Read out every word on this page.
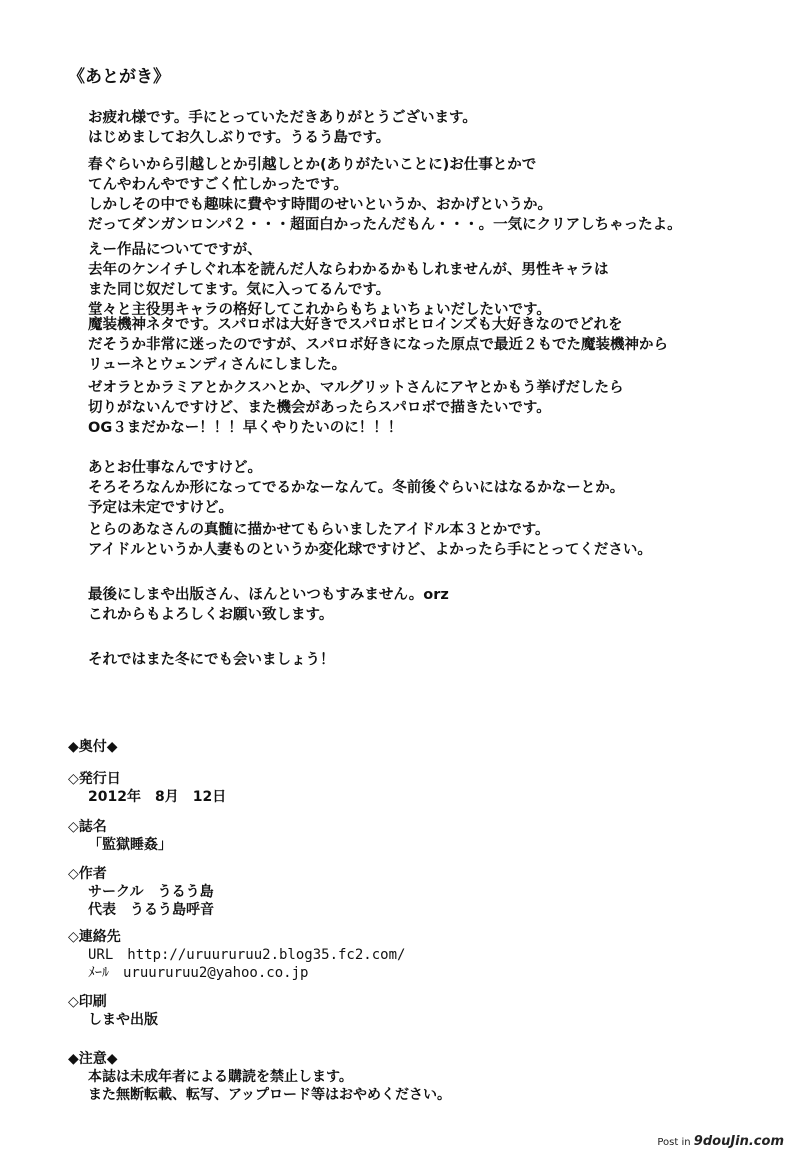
《あとがき》
お疲れ様です。手にとっていただきありがとうございます。
はじめましてお久しぶりです。うるう島です。
春ぐらいから引越しとか引越しとか(ありがたいことに)お仕事とかで
てんやわんやですごく忙しかったです。
しかしその中でも趣味に費やす時間のせいというか、おかげというか。
だってダンガンロンパ２・・・超面白かったんだもん・・・。一気にクリアしちゃったよ。
えー作品についてですが、
去年のケンイチしぐれ本を読んだ人ならわかるかもしれませんが、男性キャラは
また同じ奴だしてます。気に入ってるんです。
堂々と主役男キャラの格好してこれからもちょいちょいだしたいです。
魔装機神ネタです。スパロボは大好きでスパロボヒロインズも大好きなのでどれを
だそうか非常に迷ったのですが、スパロボ好きになった原点で最近２もでた魔装機神から
リューネとウェンディさんにしました。
ゼオラとかラミアとかクスハとか、マルグリットさんにアヤとかもう挙げだしたら
切りがないんですけど、また機会があったらスパロボで描きたいです。
OG３まだかなー！！！早くやりたいのに！！！
あとお仕事なんですけど。
そろそろなんか形になってでるかなーなんて。冬前後ぐらいにはなるかなーとか。
予定は未定ですけど。
とらのあなさんの真髄に描かせてもらいましたアイドル本３とかです。
アイドルというか人妻ものというか変化球ですけど、よかったら手にとってください。
最後にしまや出版さん、ほんといつもすみません。orz
これからもよろしくお願い致します。
それではまた冬にでも会いましょう！
◆奥付◆
◇発行日
2012年　8月　12日
◇誌名
「監獄睡姦」
◇作者
サークル　うるう島
代表　うるう島呼音
◇連絡先
URL　http://uruururuu2.blog35.fc2.com/
ﾒｰﾙ　uruururuu2@yahoo.co.jp
◇印刷
しまや出版
◆注意◆
本誌は未成年者による購読を禁止します。
また無断転載、転写、アップロード等はおやめください。
Post in 9douJin.com
